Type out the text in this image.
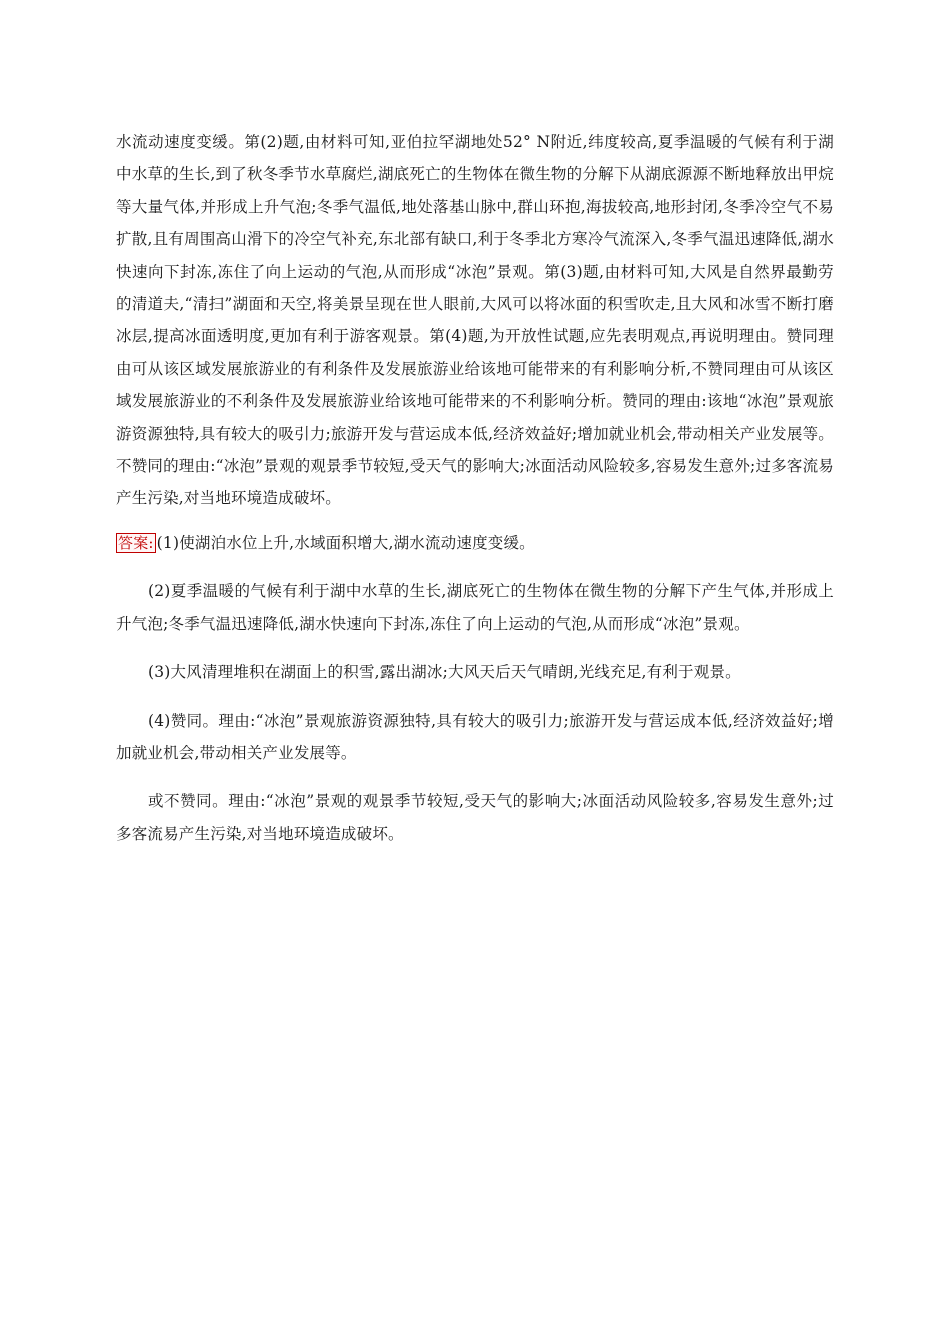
水流动速度变缓。第(2)题,由材料可知,亚伯拉罕湖地处52° N附近,纬度较高,夏季温暖的气候有利于湖中水草的生长,到了秋冬季节水草腐烂,湖底死亡的生物体在微生物的分解下从湖底源源不断地释放出甲烷等大量气体,并形成上升气泡;冬季气温低,地处落基山脉中,群山环抱,海拔较高,地形封闭,冬季冷空气不易扩散,且有周围高山滑下的冷空气补充,东北部有缺口,利于冬季北方寒冷气流深入,冬季气温迅速降低,湖水快速向下封冻,冻住了向上运动的气泡,从而形成“冰泡”景观。第(3)题,由材料可知,大风是自然界最勤劳的清道夫,“清扫”湖面和天空,将美景呈现在世人眼前,大风可以将冰面的积雪吹走,且大风和冰雪不断打磨冰层,提高冰面透明度,更加有利于游客观景。第(4)题,为开放性试题,应先表明观点,再说明理由。赞同理由可从该区域发展旅游业的有利条件及发展旅游业给该地可能带来的有利影响分析,不赞同理由可从该区域发展旅游业的不利条件及发展旅游业给该地可能带来的不利影响分析。赞同的理由:该地“冰泡”景观旅游资源独特,具有较大的吸引力;旅游开发与营运成本低,经济效益好;增加就业机会,带动相关产业发展等。不赞同的理由:“冰泡”景观的观景季节较短,受天气的影响大;冰面活动风险较多,容易发生意外;过多客流易产生污染,对当地环境造成破坏。

答案: (1)使湖泊水位上升,水域面积增大,湖水流动速度变缓。

(2)夏季温暖的气候有利于湖中水草的生长,湖底死亡的生物体在微生物的分解下产生气体,并形成上升气泡;冬季气温迅速降低,湖水快速向下封冻,冻住了向上运动的气泡,从而形成“冰泡”景观。

(3)大风清理堆积在湖面上的积雪,露出湖冰;大风天后天气晴朗,光线充足,有利于观景。

(4)赞同。理由:“冰泡”景观旅游资源独特,具有较大的吸引力;旅游开发与营运成本低,经济效益好;增加就业机会,带动相关产业发展等。

或不赞同。理由:“冰泡”景观的观景季节较短,受天气的影响大;冰面活动风险较多,容易发生意外;过多客流易产生污染,对当地环境造成破坏。
